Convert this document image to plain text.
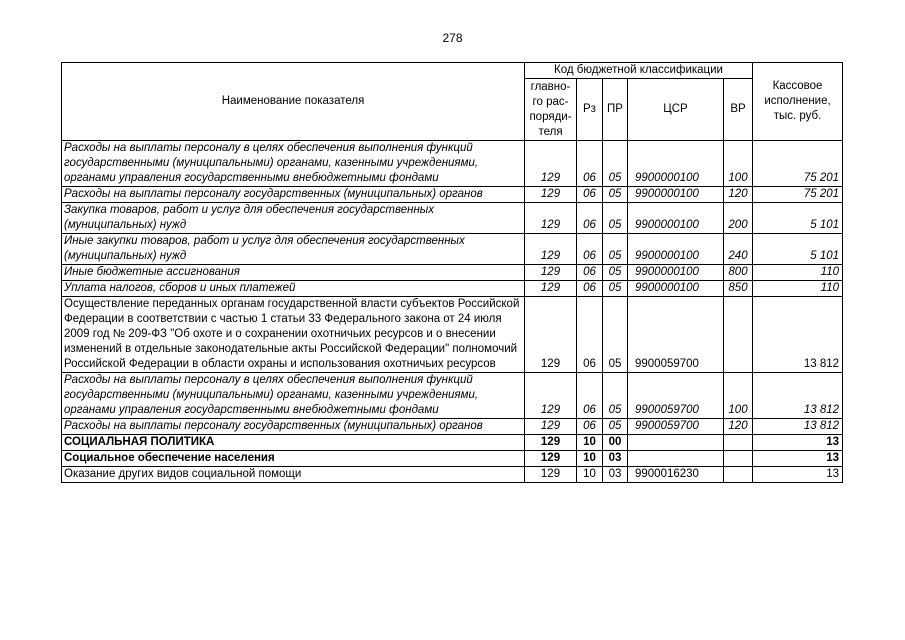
278
Наименование показателя	Код бюджетной классификации					Кассовое исполнение, тыс. руб.
	главно-го рас-поряди-теля	Рз	ПР	ЦСР	ВР	
Расходы на выплаты персоналу в целях обеспечения выполнения функций государственными (муниципальными) органами, казенными учреждениями, органами управления государственными внебюджетными фондами	129	06	05	9900000100	100	75 201
Расходы на выплаты персоналу государственных (муниципальных) органов	129	06	05	9900000100	120	75 201
Закупка товаров, работ и услуг для обеспечения государственных (муниципальных) нужд	129	06	05	9900000100	200	5 101
Иные закупки товаров, работ и услуг для обеспечения государственных (муниципальных) нужд	129	06	05	9900000100	240	5 101
Иные бюджетные ассигнования	129	06	05	9900000100	800	110
Уплата налогов, сборов и иных платежей	129	06	05	9900000100	850	110
Осуществление переданных органам государственной власти субъектов Российской Федерации в соответствии с частью 1 статьи 33 Федерального закона от 24 июля 2009 год № 209-ФЗ "Об охоте и о сохранении охотничьих ресурсов и о внесении изменений в отдельные законодательные акты Российской Федерации" полномочий Российской Федерации в области охраны и использования охотничьих ресурсов	129	06	05	9900059700		13 812
Расходы на выплаты персоналу в целях обеспечения выполнения функций государственными (муниципальными) органами, казенными учреждениями, органами управления государственными внебюджетными фондами	129	06	05	9900059700	100	13 812
Расходы на выплаты персоналу государственных (муниципальных) органов	129	06	05	9900059700	120	13 812
СОЦИАЛЬНАЯ ПОЛИТИКА	129	10	00			13
Социальное обеспечение населения	129	10	03			13
Оказание других видов социальной помощи	129	10	03	9900016230		13
